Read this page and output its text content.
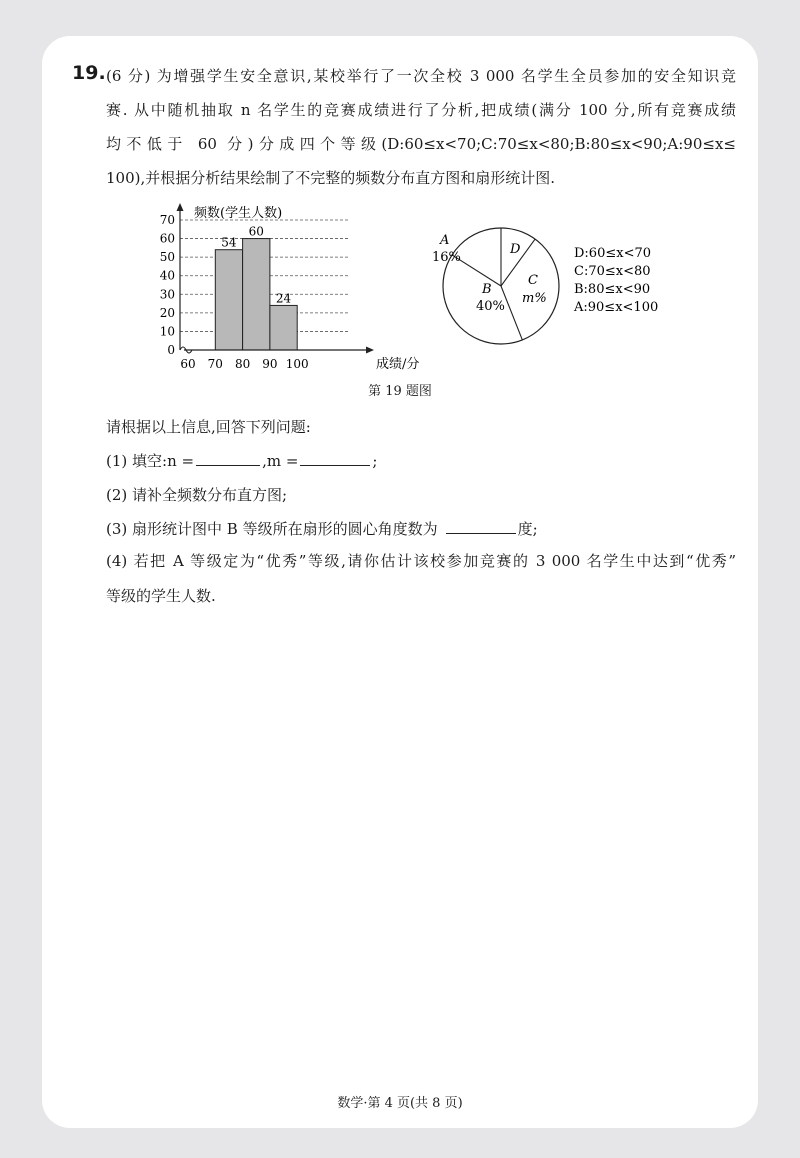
19. (6 分) 为增强学生安全意识,某校举行了一次全校 3 000 名学生全员参加的安全知识竞
赛. 从中随机抽取 n 名学生的竞赛成绩进行了分析,把成绩(满分 100 分,所有竞赛成绩
均不低于 60 分)分成四个等级(D:60≤x<70;C:70≤x<80;B:80≤x<90;A:90≤x≤
100),并根据分析结果绘制了不完整的频数分布直方图和扇形统计图.
0
10
20
30
40
50
60
70
60 70 80 90 100
54
60
24
频数(学生人数)
成绩/分
A
16%
D
C
m%
B
40%
D:60≤x<70
C:70≤x<80
B:80≤x<90
A:90≤x<100
第 19 题图
请根据以上信息,回答下列问题:
(1) 填空:n =	,m =	;
(2) 请补全频数分布直方图;
(3) 扇形统计图中 B 等级所在扇形的圆心角度数为	度;
(4) 若把 A 等级定为“优秀”等级,请你估计该校参加竞赛的 3 000 名学生中达到“优秀”
等级的学生人数.
数学·第 4 页(共 8 页)
